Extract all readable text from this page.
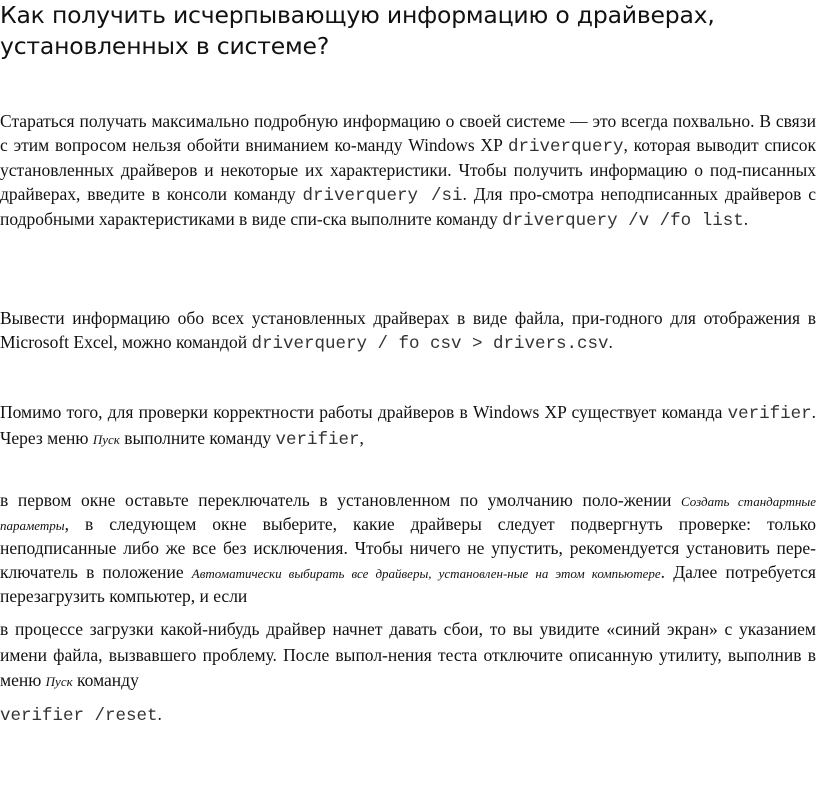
Как получить исчерпывающую информацию о драйверах, установленных в системе?

Стараться получать максимально подробную информацию о своей системе — это всегда похвально. В связи с этим вопросом нельзя обойти вниманием ко-манду Windows XP driverquery, которая выводит список установленных драйверов и некоторые их характеристики. Чтобы получить информацию о под-писанных драйверах, введите в консоли команду driverquery /si. Для про-смотра неподписанных драйверов с подробными характеристиками в виде спи-ска выполните команду driverquery /v /fo list.

Вывести информацию обо всех установленных драйверах в виде файла, при-годного для отображения в Microsoft Excel, можно командой driverquery / fo csv > drivers.csv.

Помимо того, для проверки корректности работы драйверов в Windows XP существует команда verifier. Через меню Пуск выполните команду verifier,

в первом окне оставьте переключатель в установленном по умолчанию поло-жении Создать стандартные параметры, в следующем окне выберите, какие драйверы следует подвергнуть проверке: только неподписанные либо же все без исключения. Чтобы ничего не упустить, рекомендуется установить пере-ключатель в положение Автоматически выбирать все драйверы, установлен-ные на этом компьютере. Далее потребуется перезагрузить компьютер, и если

в процессе загрузки какой-нибудь драйвер начнет давать сбои, то вы увидите «синий экран» с указанием имени файла, вызвавшего проблему. После выпол-нения теста отключите описанную утилиту, выполнив в меню Пуск команду

verifier /reset.
